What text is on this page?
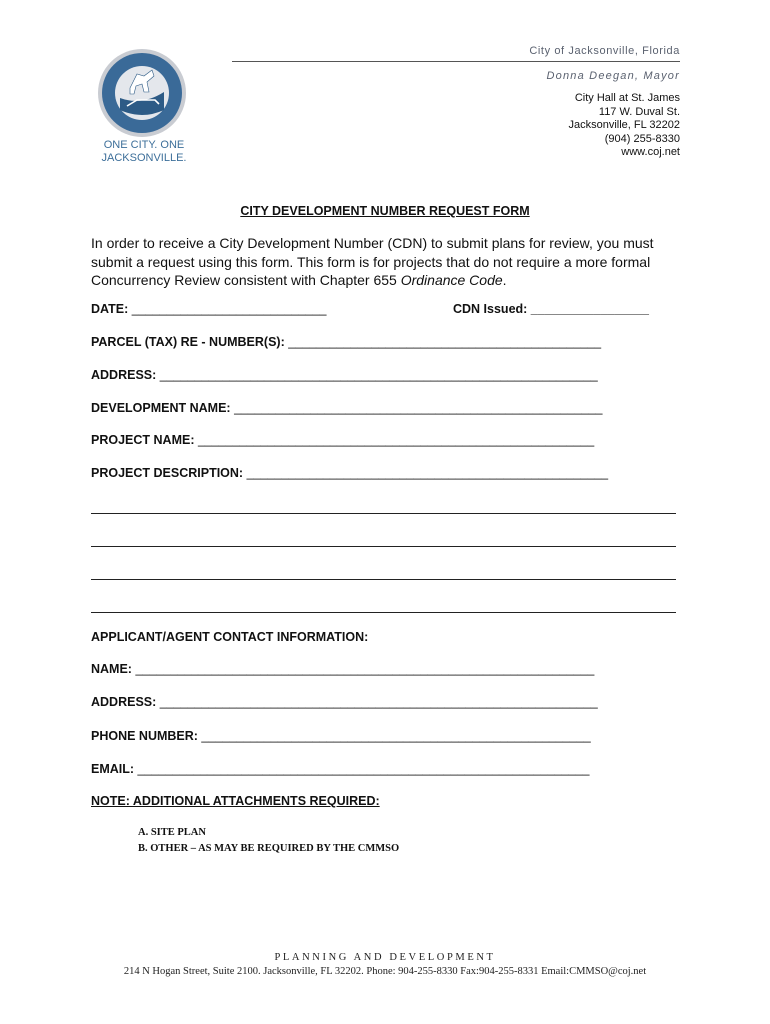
ONE CITY. ONE JACKSONVILLE.
City of Jacksonville, Florida
Donna Deegan, Mayor
City Hall at St. James
117 W. Duval St.
Jacksonville, FL 32202
(904) 255-8330
www.coj.net
CITY DEVELOPMENT NUMBER REQUEST FORM
In order to receive a City Development Number (CDN) to submit plans for review, you must submit a request using this form. This form is for projects that do not require a more formal Concurrency Review consistent with Chapter 655 Ordinance Code.
DATE: ____________________________	CDN Issued: _________________
PARCEL (TAX) RE - NUMBER(S): _____________________________________________
ADDRESS: _______________________________________________________________
DEVELOPMENT NAME: _____________________________________________________
PROJECT NAME: _________________________________________________________
PROJECT DESCRIPTION: ____________________________________________________
APPLICANT/AGENT CONTACT INFORMATION:
NAME: __________________________________________________________________
ADDRESS: _______________________________________________________________
PHONE NUMBER: ________________________________________________________
EMAIL: _________________________________________________________________
NOTE: ADDITIONAL ATTACHMENTS REQUIRED:
A. SITE PLAN
B. OTHER – AS MAY BE REQUIRED BY THE CMMSO
PLANNING AND DEVELOPMENT
214 N Hogan Street, Suite 2100. Jacksonville, FL 32202. Phone: 904-255-8330 Fax:904-255-8331 Email:CMMSO@coj.net
